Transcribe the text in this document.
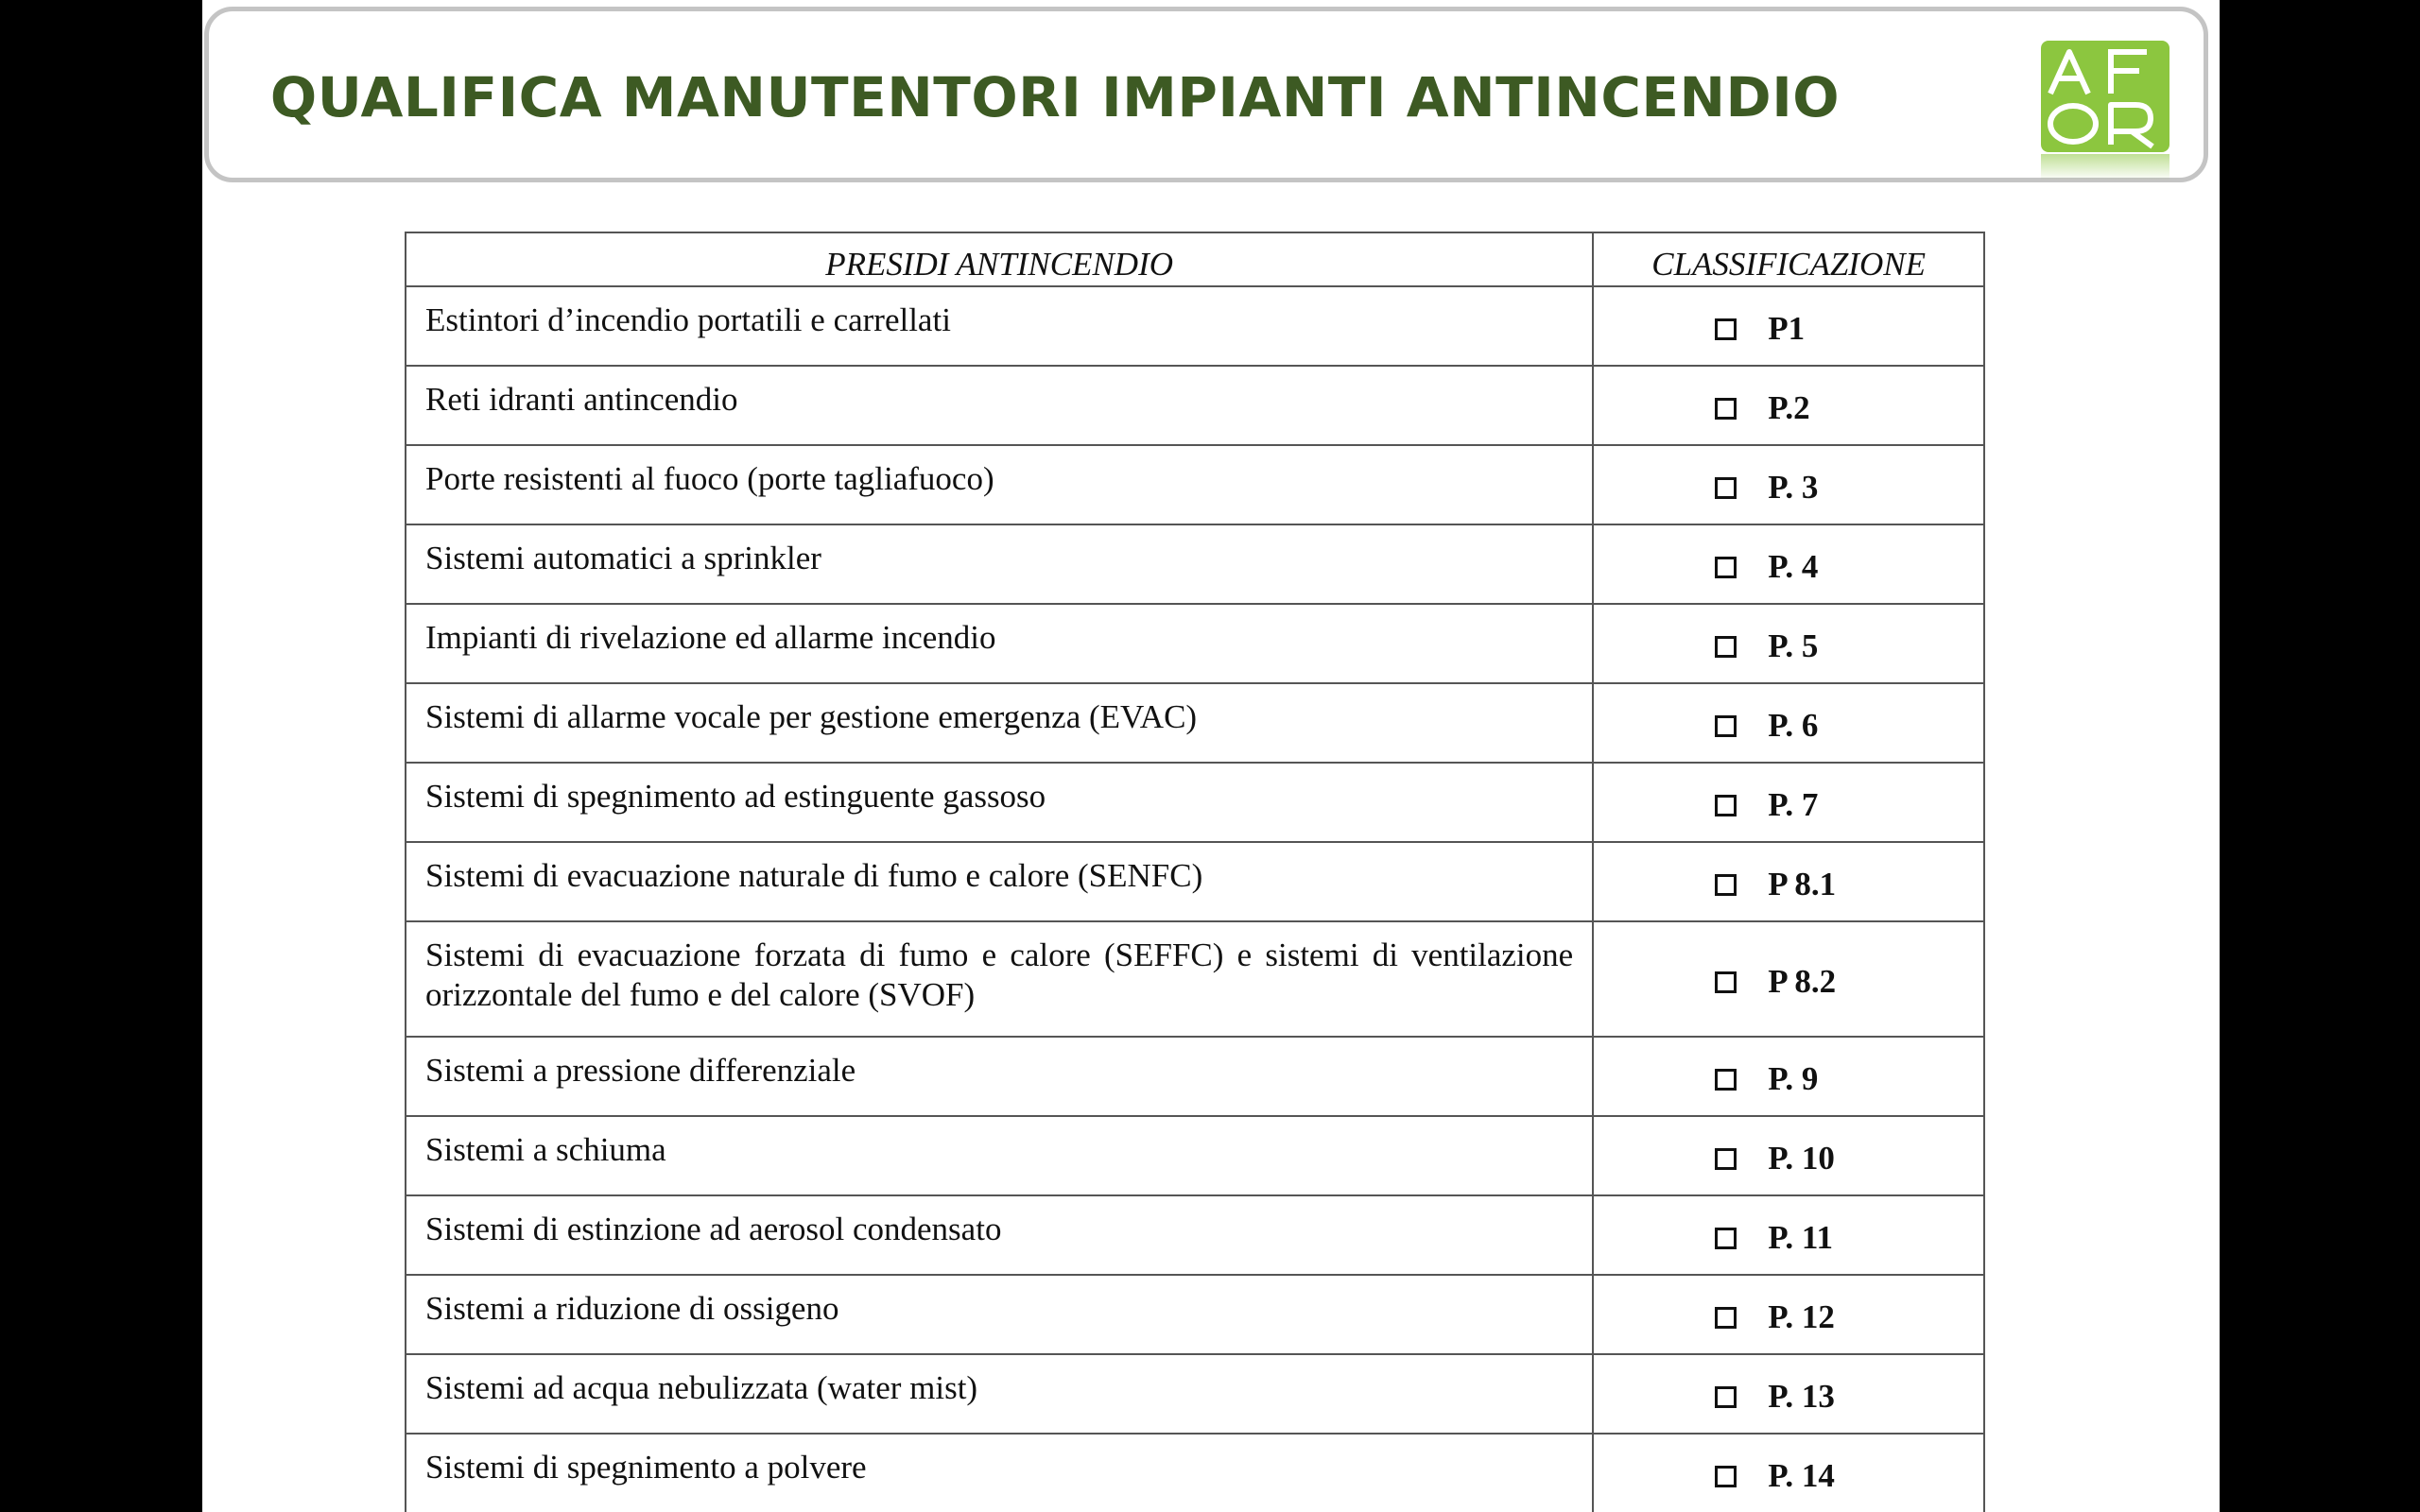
QUALIFICA MANUTENTORI IMPIANTI ANTINCENDIO
PRESIDI ANTINCENDIO	CLASSIFICAZIONE
Estintori d’incendio portatili e carrellati	P1

Reti idranti antincendio	P.2

Porte resistenti al fuoco (porte tagliafuoco)	P. 3

Sistemi automatici a sprinkler	P. 4

Impianti di rivelazione ed allarme incendio	P. 5

Sistemi di allarme vocale per gestione emergenza (EVAC)	P. 6

Sistemi di spegnimento ad estinguente gassoso	P. 7

Sistemi di evacuazione naturale di fumo e calore (SENFC)	P 8.1

Sistemi di evacuazione forzata di fumo e calore (SEFFC) e sistemi di ventilazione orizzontale del fumo e del calore (SVOF)	P 8.2

Sistemi a pressione differenziale	P. 9

Sistemi a schiuma	P. 10

Sistemi di estinzione ad aerosol condensato	P. 11

Sistemi a riduzione di ossigeno	P. 12

Sistemi ad acqua nebulizzata (water mist)	P. 13

Sistemi di spegnimento a polvere	P. 14
